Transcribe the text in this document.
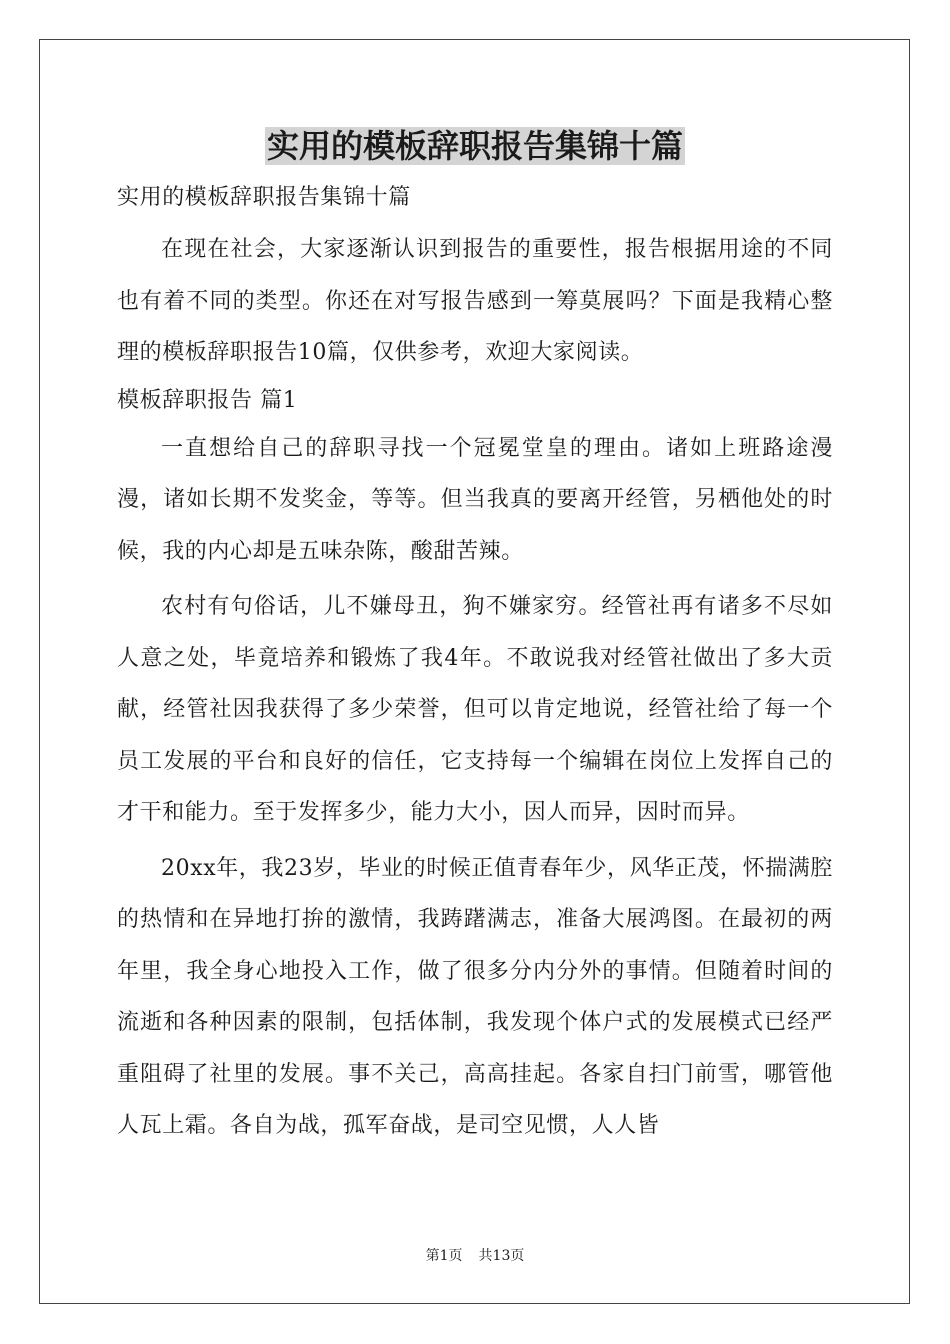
实用的模板辞职报告集锦十篇

实用的模板辞职报告集锦十篇

在现在社会，大家逐渐认识到报告的重要性，报告根据用途的不同也有着不同的类型。你还在对写报告感到一筹莫展吗？下面是我精心整理的模板辞职报告10篇，仅供参考，欢迎大家阅读。

模板辞职报告 篇1

一直想给自己的辞职寻找一个冠冕堂皇的理由。诸如上班路途漫漫，诸如长期不发奖金，等等。但当我真的要离开经管，另栖他处的时候，我的内心却是五味杂陈，酸甜苦辣。

农村有句俗话，儿不嫌母丑，狗不嫌家穷。经管社再有诸多不尽如人意之处，毕竟培养和锻炼了我4年。不敢说我对经管社做出了多大贡献，经管社因我获得了多少荣誉，但可以肯定地说，经管社给了每一个员工发展的平台和良好的信任，它支持每一个编辑在岗位上发挥自己的才干和能力。至于发挥多少，能力大小，因人而异，因时而异。

20xx年，我23岁，毕业的时候正值青春年少，风华正茂，怀揣满腔的热情和在异地打拚的激情，我踌躇满志，准备大展鸿图。在最初的两年里，我全身心地投入工作，做了很多分内分外的事情。但随着时间的流逝和各种因素的限制，包括体制，我发现个体户式的发展模式已经严重阻碍了社里的发展。事不关己，高高挂起。各家自扫门前雪，哪管他人瓦上霜。各自为战，孤军奋战，是司空见惯，人人皆

第1页 共13页
